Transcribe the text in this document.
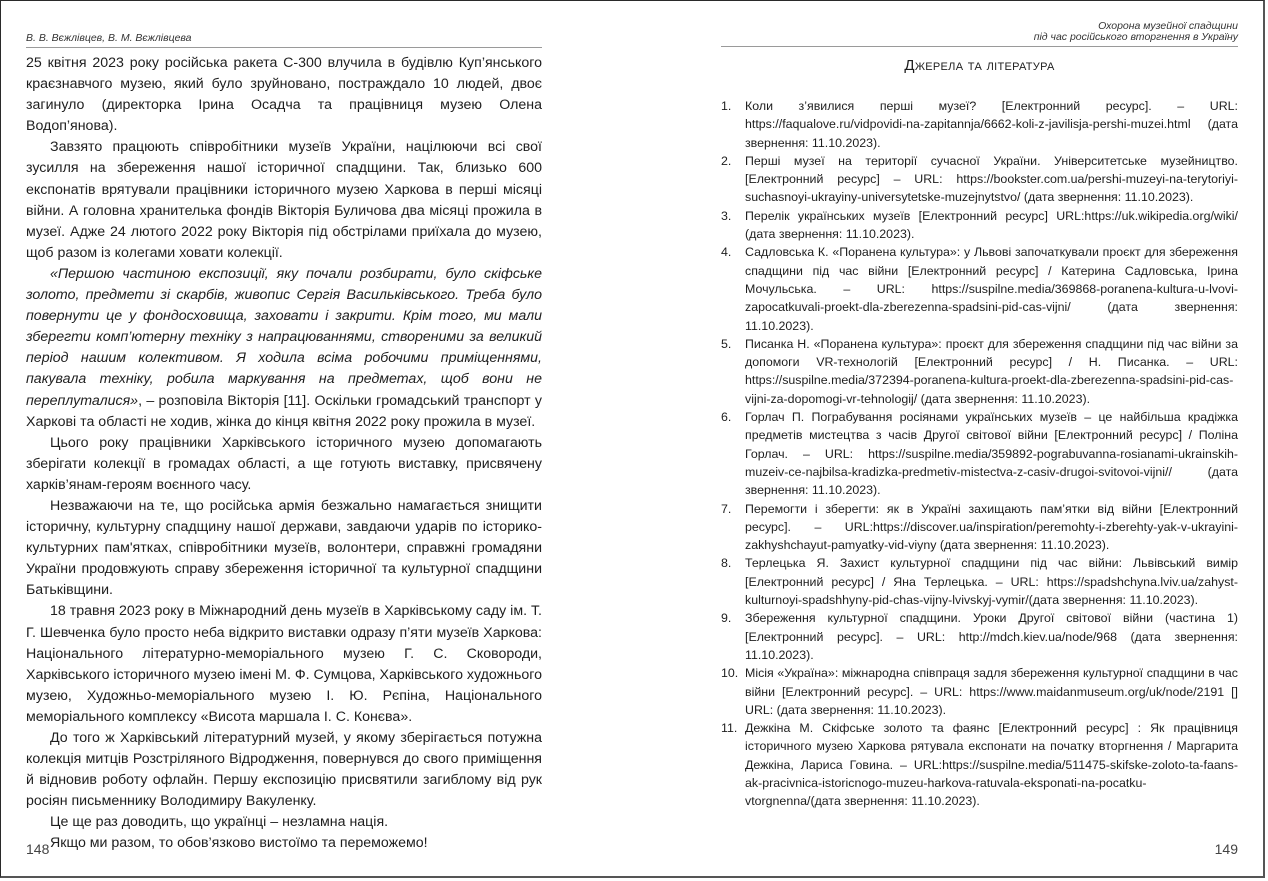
В. В. Вєжлівцев, В. М. Вєжлівцева

25 квітня 2023 року російська ракета С-300 влучила в будівлю Куп’янського краєзнавчого музею, який було зруйновано, постраждало 10 людей, двоє загинуло (директорка Ірина Осадча та працівниця музею Олена Водоп’янова).

Завзято працюють співробітники музеїв України, націлюючи всі свої зусилля на збереження нашої історичної спадщини. Так, близько 600 експонатів врятували працівники історичного музею Харкова в перші місяці війни. А головна хранителька фондів Вікторія Буличова два місяці прожила в музеї. Адже 24 лютого 2022 року Вікторія під обстрілами приїхала до музею, щоб разом із колегами ховати колекції.

«Першою частиною експозиції, яку почали розбирати, було скіфське золото, предмети зі скарбів, живопис Сергія Васильківського. Треба було повернути це у фондосховища, заховати і закрити. Крім того, ми мали зберегти комп’ютерну техніку з напрацюваннями, створеними за великий період нашим колективом. Я ходила всіма робочими приміщеннями, пакувала техніку, робила маркування на предметах, щоб вони не переплуталися», – розповіла Вікторія [11]. Оскільки громадський транспорт у Харкові та області не ходив, жінка до кінця квітня 2022 року прожила в музеї.

Цього року працівники Харківського історичного музею допомагають зберігати колекції в громадах області, а ще готують виставку, присвячену харків’янам-героям воєнного часу.

Незважаючи на те, що російська армія безжально намагається знищити історичну, культурну спадщину нашої держави, завдаючи ударів по історико-культурних пам'ятках, співробітники музеїв, волонтери, справжні громадяни України продовжують справу збереження історичної та культурної спадщини Батьківщини.

18 травня 2023 року в Міжнародний день музеїв в Харківському саду ім. Т. Г. Шевченка було просто неба відкрито виставки одразу п’яти музеїв Харкова: Національного літературно-меморіального музею Г. С. Сковороди, Харківського історичного музею імені М. Ф. Сумцова, Харківського художнього музею, Художньо-меморіального музею І. Ю. Рєпіна, Національного меморіального комплексу «Висота маршала І. С. Конєва».

До того ж Харківський літературний музей, у якому зберігається потужна колекція митців Розстріляного Відродження, повернувся до свого приміщення й відновив роботу офлайн. Першу експозицію присвятили загиблому від рук росіян письменнику Володимиру Вакуленку.

Це ще раз доводить, що українці – незламна нація.

Якщо ми разом, то обов’язково вистоїмо та переможемо!

148
Охорона музейної спадщини
під час російського вторгнення в Україну
Джерела та література
1. Коли з’явилися перші музеї? [Електронний ресурс]. – URL: https://faqualove.ru/vidpovidi-na-zapitannja/6662-koli-z-javilisja-pershi-muzei.html (дата звернення: 11.10.2023).
2. Перші музеї на території сучасної України. Університетське музейництво. [Електронний ресурс] – URL: https://bookster.com.ua/pershi-muzeyi-na-terytoriyi-suchasnoyi-ukrayiny-universytetske-muzejnytstvo/ (дата звернення: 11.10.2023).
3. Перелік українських музеїв [Електронний ресурс] URL:https://uk.wikipedia.org/wiki/ (дата звернення: 11.10.2023).
4. Садловська К. «Поранена культура»: у Львові започаткували проєкт для збереження спадщини під час війни [Електронний ресурс] / Катерина Садловська, Ірина Мочульська. – URL: https://suspilne.media/369868-poranena-kultura-u-lvovi-zapocatkuvali-proekt-dla-zberezenna-spadsini-pid-cas-vijni/ (дата звернення: 11.10.2023).
5. Писанка Н. «Поранена культура»: проєкт для збереження спадщини під час війни за допомоги VR-технологій [Електронний ресурс] / Н. Писанка. – URL: https://suspilne.media/372394-poranena-kultura-proekt-dla-zberezenna-spadsini-pid-cas-vijni-za-dopomogi-vr-tehnologij/ (дата звернення: 11.10.2023).
6. Горлач П. Пограбування росіянами українських музеїв – це найбільша крадіжка предметів мистецтва з часів Другої світової війни [Електронний ресурс] / Поліна Горлач. – URL: https://suspilne.media/359892-pograbuvanna-rosianami-ukrainskih-muzeiv-ce-najbilsa-kradizka-predmetiv-mistectva-z-casiv-drugoi-svitovoi-vijni// (дата звернення: 11.10.2023).
7. Перемогти і зберегти: як в Україні захищають пам’ятки від війни [Електронний ресурс]. – URL:https://discover.ua/inspiration/peremohty-i-zberehty-yak-v-ukrayini-zakhyshchayut-pamyatky-vid-viyny (дата звернення: 11.10.2023).
8. Терлецька Я. Захист культурної спадщини під час війни: Львівський вимір [Електронний ресурс] / Яна Терлецька. – URL: https://spadshchyna.lviv.ua/zahyst-kulturnoyi-spadshhyny-pid-chas-vijny-lvivskyj-vymir/(дата звернення: 11.10.2023).
9. Збереження культурної спадщини. Уроки Другої світової війни (частина 1) [Електронний ресурс]. – URL: http://mdch.kiev.ua/node/968 (дата звернення: 11.10.2023).
10. Місія «Україна»: міжнародна співпраця задля збереження культурної спадщини в час війни [Електронний ресурс]. – URL: https://www.maidanmuseum.org/uk/node/2191 [] URL: (дата звернення: 11.10.2023).
11. Дежкіна М. Скіфське золото та фаянс [Електронний ресурс] : Як працівниця історичного музею Харкова рятувала експонати на початку вторгнення / Маргарита Дежкіна, Лариса Говина. – URL:https://suspilne.media/511475-skifske-zoloto-ta-faans-ak-pracivnica-istoricnogo-muzeu-harkova-ratuvala-eksponati-na-pocatku-vtorgnenna/(дата звернення: 11.10.2023).
149
